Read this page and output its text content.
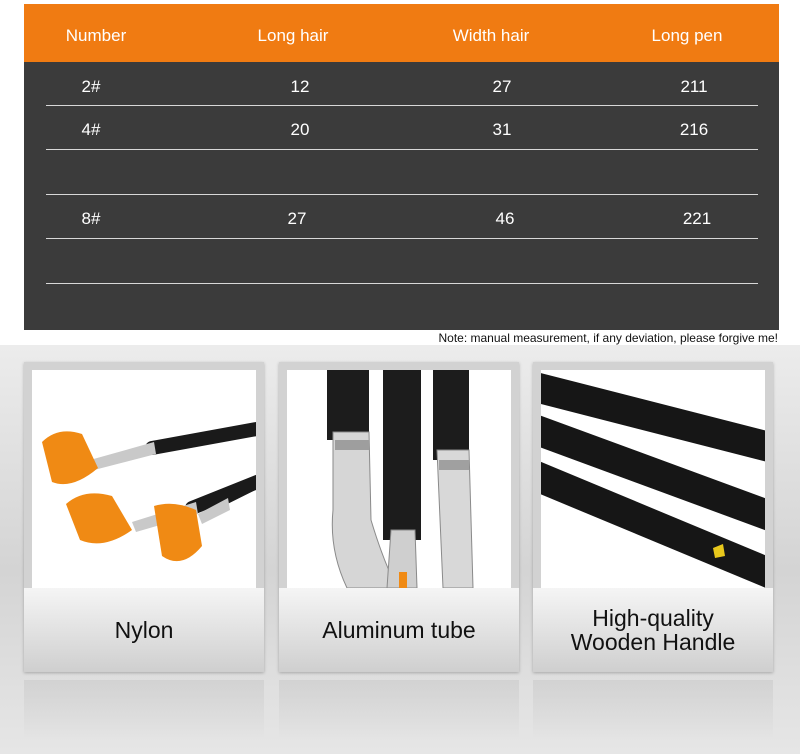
Number	Long hair	Width hair	Long pen
2#	12	27	211
4#	20	31	216
8#	27	46	221
Note: manual measurement, if any deviation, please forgive me!
Nylon	Aluminum tube	High-quality
Wooden Handle
